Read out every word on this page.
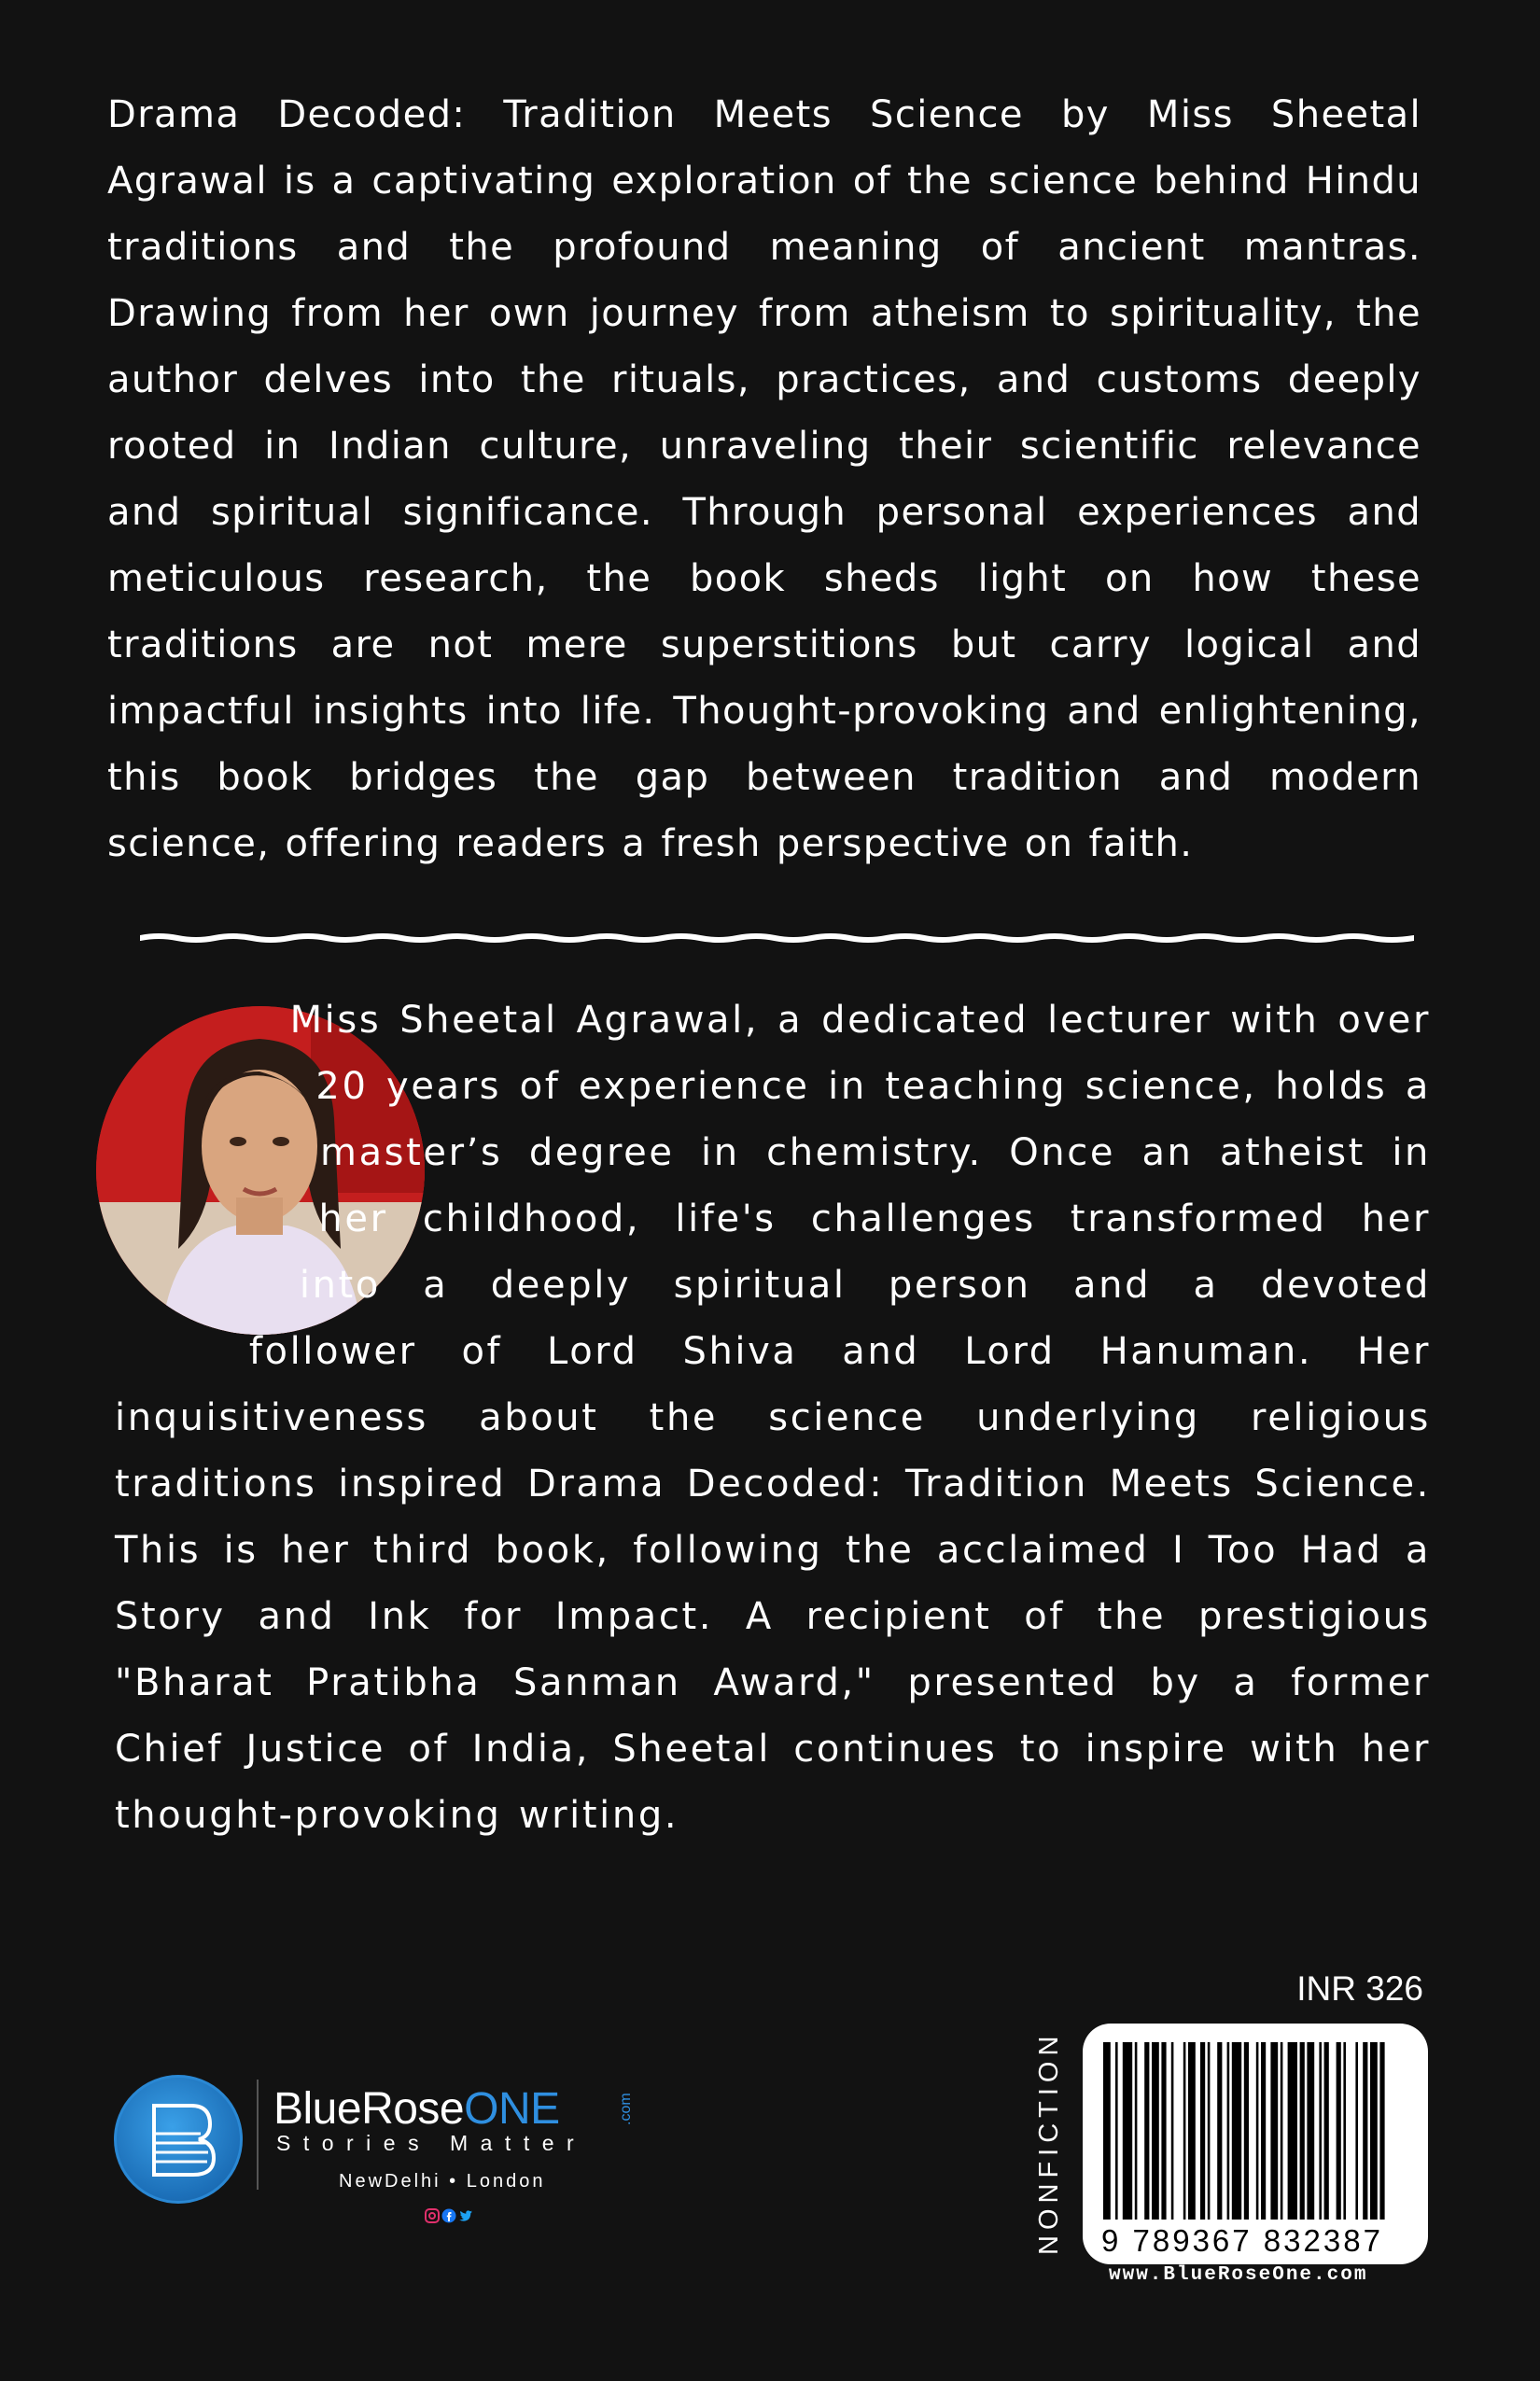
Drama Decoded: Tradition Meets Science by Miss Sheetal Agrawal is a captivating exploration of the science behind Hindu traditions and the profound meaning of ancient mantras. Drawing from her own journey from atheism to spirituality, the author delves into the rituals, practices, and customs deeply rooted in Indian culture, unraveling their scientific relevance and spiritual significance. Through personal experiences and meticulous research, the book sheds light on how these traditions are not mere superstitions but carry logical and impactful insights into life. Thought-provoking and enlightening, this book bridges the gap between tradition and modern science, offering readers a fresh perspective on faith.

Miss Sheetal Agrawal, a dedicated lecturer with over 20 years of experience in teaching science, holds a master’s degree in chemistry. Once an atheist in her childhood, life's challenges transformed her into a deeply spiritual person and a devoted follower of Lord Shiva and Lord Hanuman. Her inquisitiveness about the science underlying religious traditions inspired Drama Decoded: Tradition Meets Science. This is her third book, following the acclaimed I Too Had a Story and Ink for Impact. A recipient of the prestigious "Bharat Pratibha Sanman Award," presented by a former Chief Justice of India, Sheetal continues to inspire with her thought-provoking writing.
INR 326
NONFICTION 9 789367 832387
www.BlueRoseOne.com
BlueRoseONE	.com
Stories Matter
NewDelhi • London
